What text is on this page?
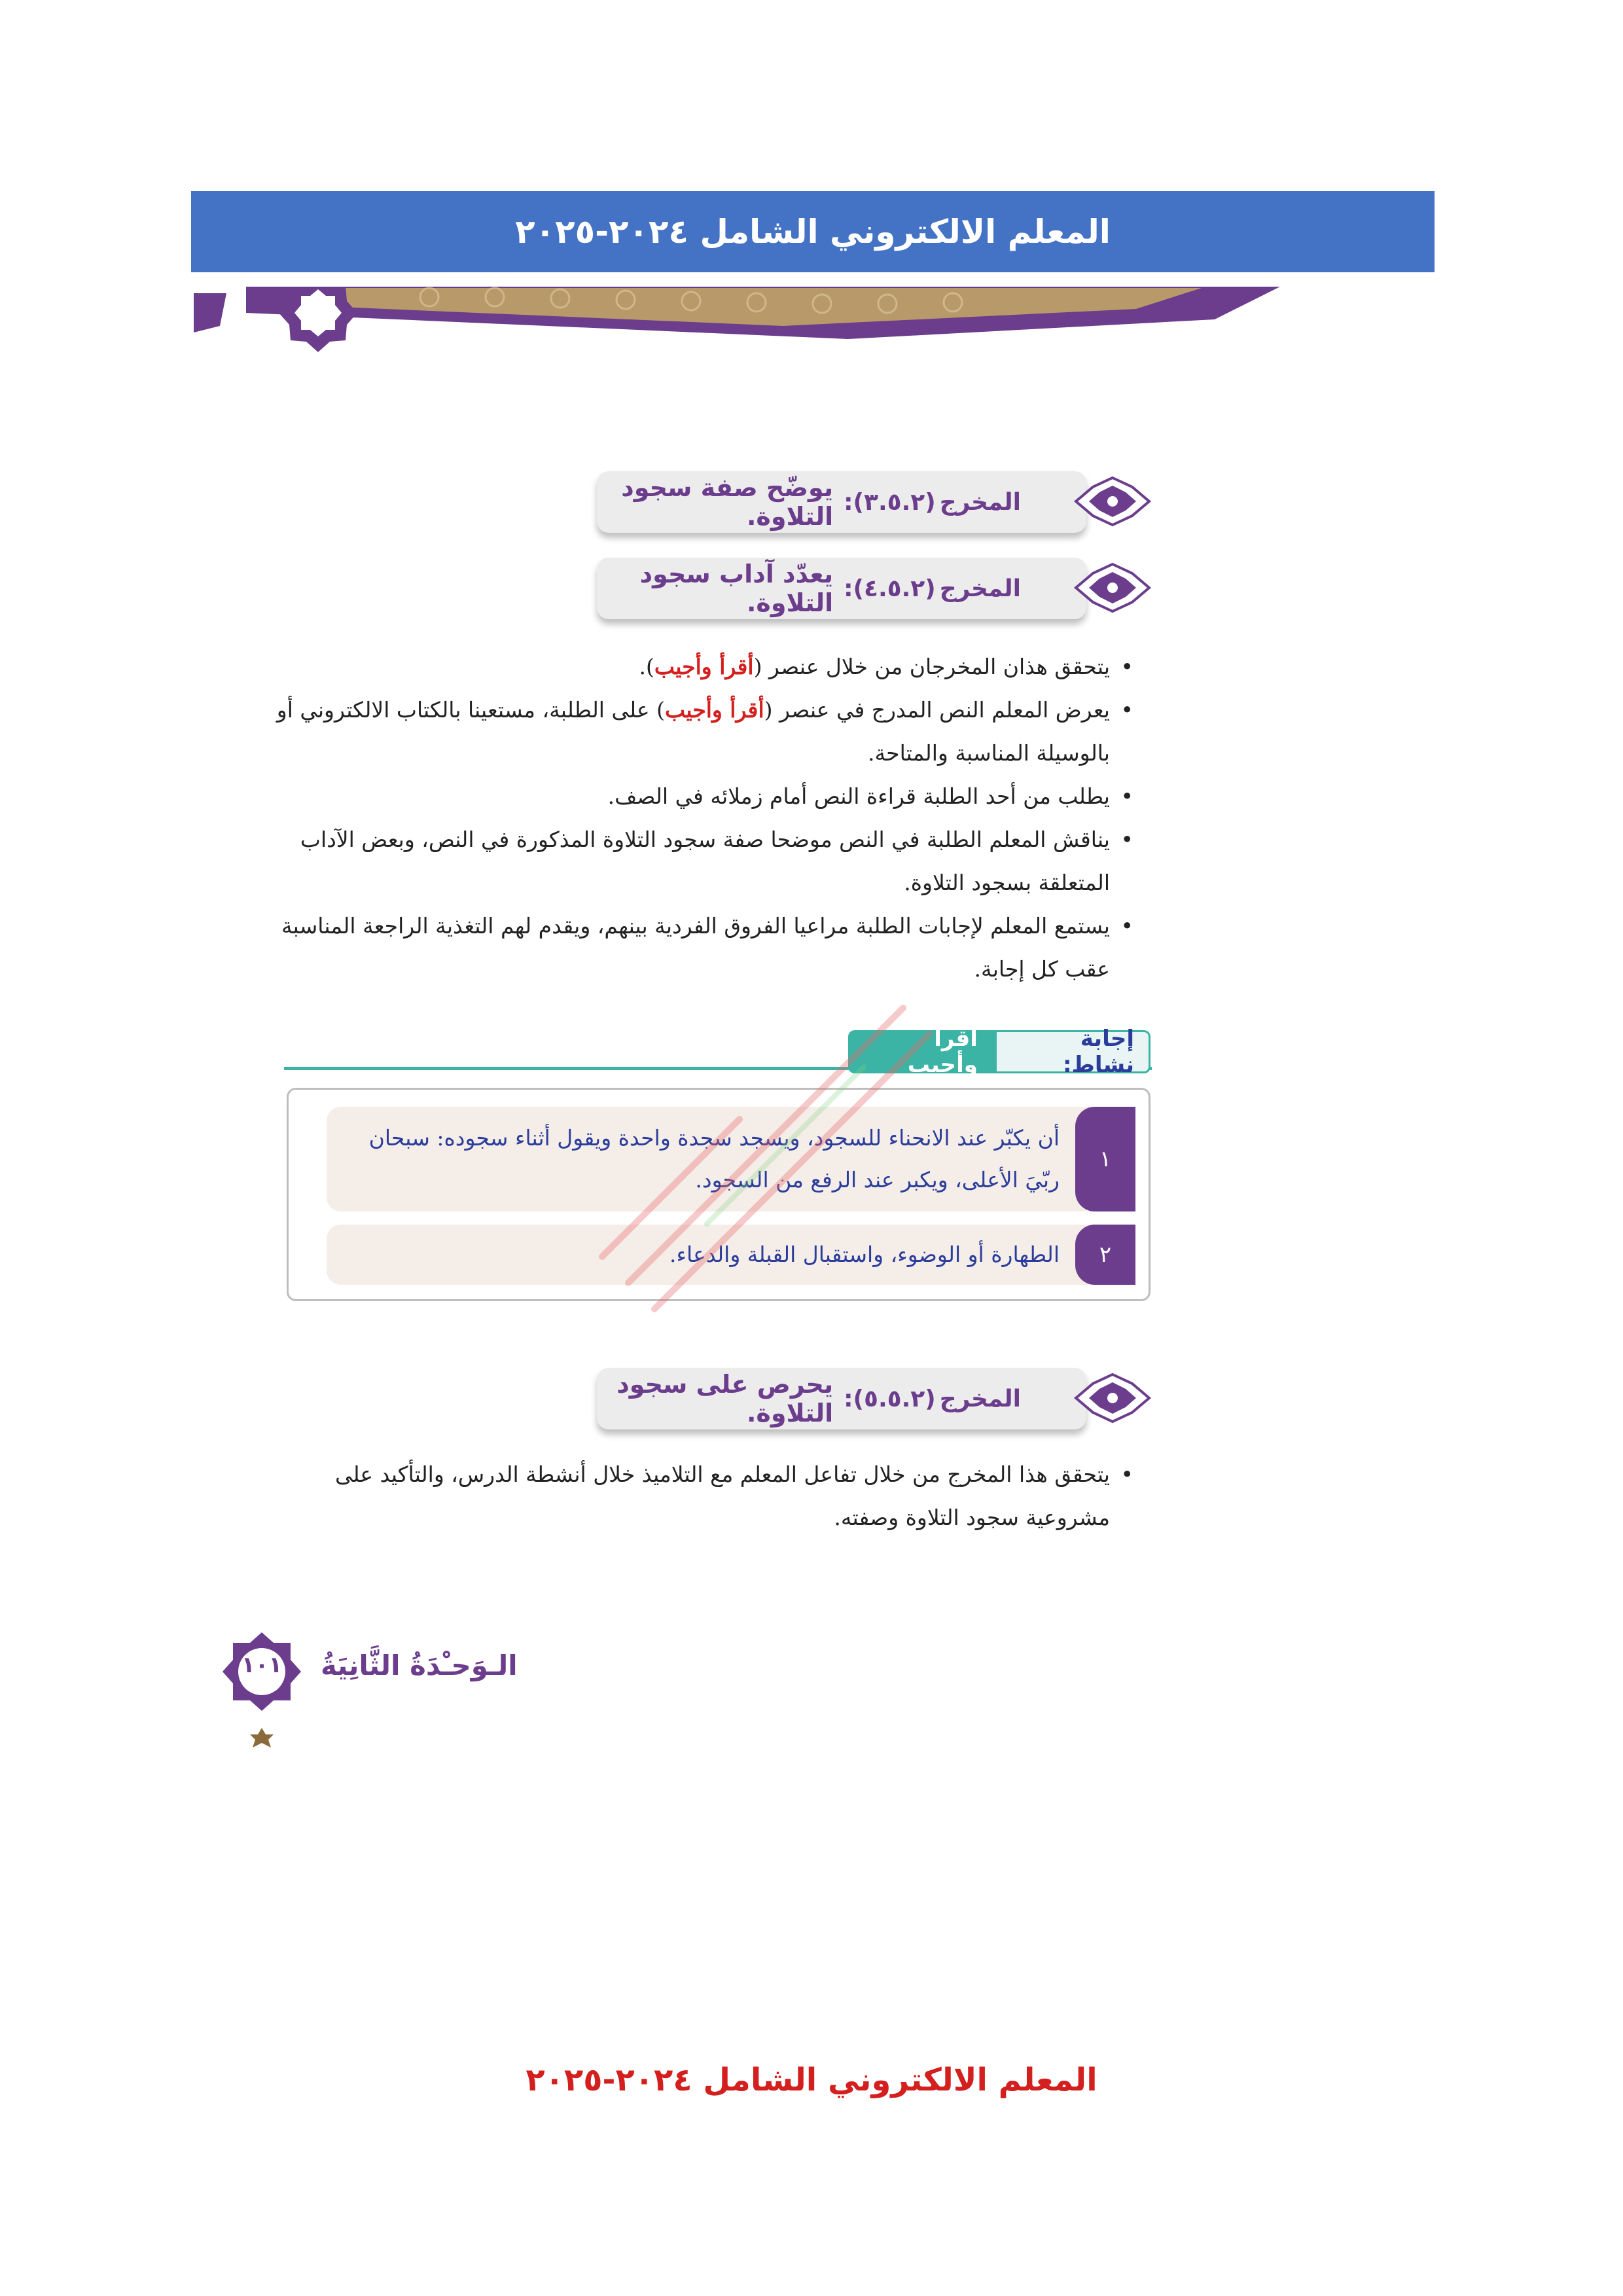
المعلم الالكتروني الشامل ٢٠٢٤-٢٠٢٥
المخرج
(٣.٥.٢):
يوضّح صفة سجود التلاوة.
المخرج
(٤.٥.٢):
يعدّد آداب سجود التلاوة.
• يتحقق هذان المخرجان من خلال عنصر (أقرأ وأجيب).
• يعرض المعلم النص المدرج في عنصر (أقرأ وأجيب) على الطلبة، مستعينا بالكتاب الالكتروني أو بالوسيلة المناسبة والمتاحة.
• يطلب من أحد الطلبة قراءة النص أمام زملائه في الصف.
• يناقش المعلم الطلبة في النص موضحا صفة سجود التلاوة المذكورة في النص، وبعض الآداب المتعلقة بسجود التلاوة.
• يستمع المعلم لإجابات الطلبة مراعيا الفروق الفردية بينهم، ويقدم لهم التغذية الراجعة المناسبة عقب كل إجابة.
إجابة نشاط:
أقرأ وأجيب
١
أن يكبّر عند الانحناء للسجود، ويسجد سجدة واحدة ويقول أثناء سجوده: سبحان ربّيَ الأعلى، ويكبر عند الرفع من السجود.
٢
الطهارة أو الوضوء، واستقبال القبلة والدعاء.
المخرج
(٥.٥.٢):
يحرص على سجود التلاوة.
• يتحقق هذا المخرج من خلال تفاعل المعلم مع التلاميذ خلال أنشطة الدرس، والتأكيد على مشروعية سجود التلاوة وصفته.
١٠١	الـوَحـْدَةُ الثَّانِيَةُ
المعلم الالكتروني الشامل ٢٠٢٤-٢٠٢٥
